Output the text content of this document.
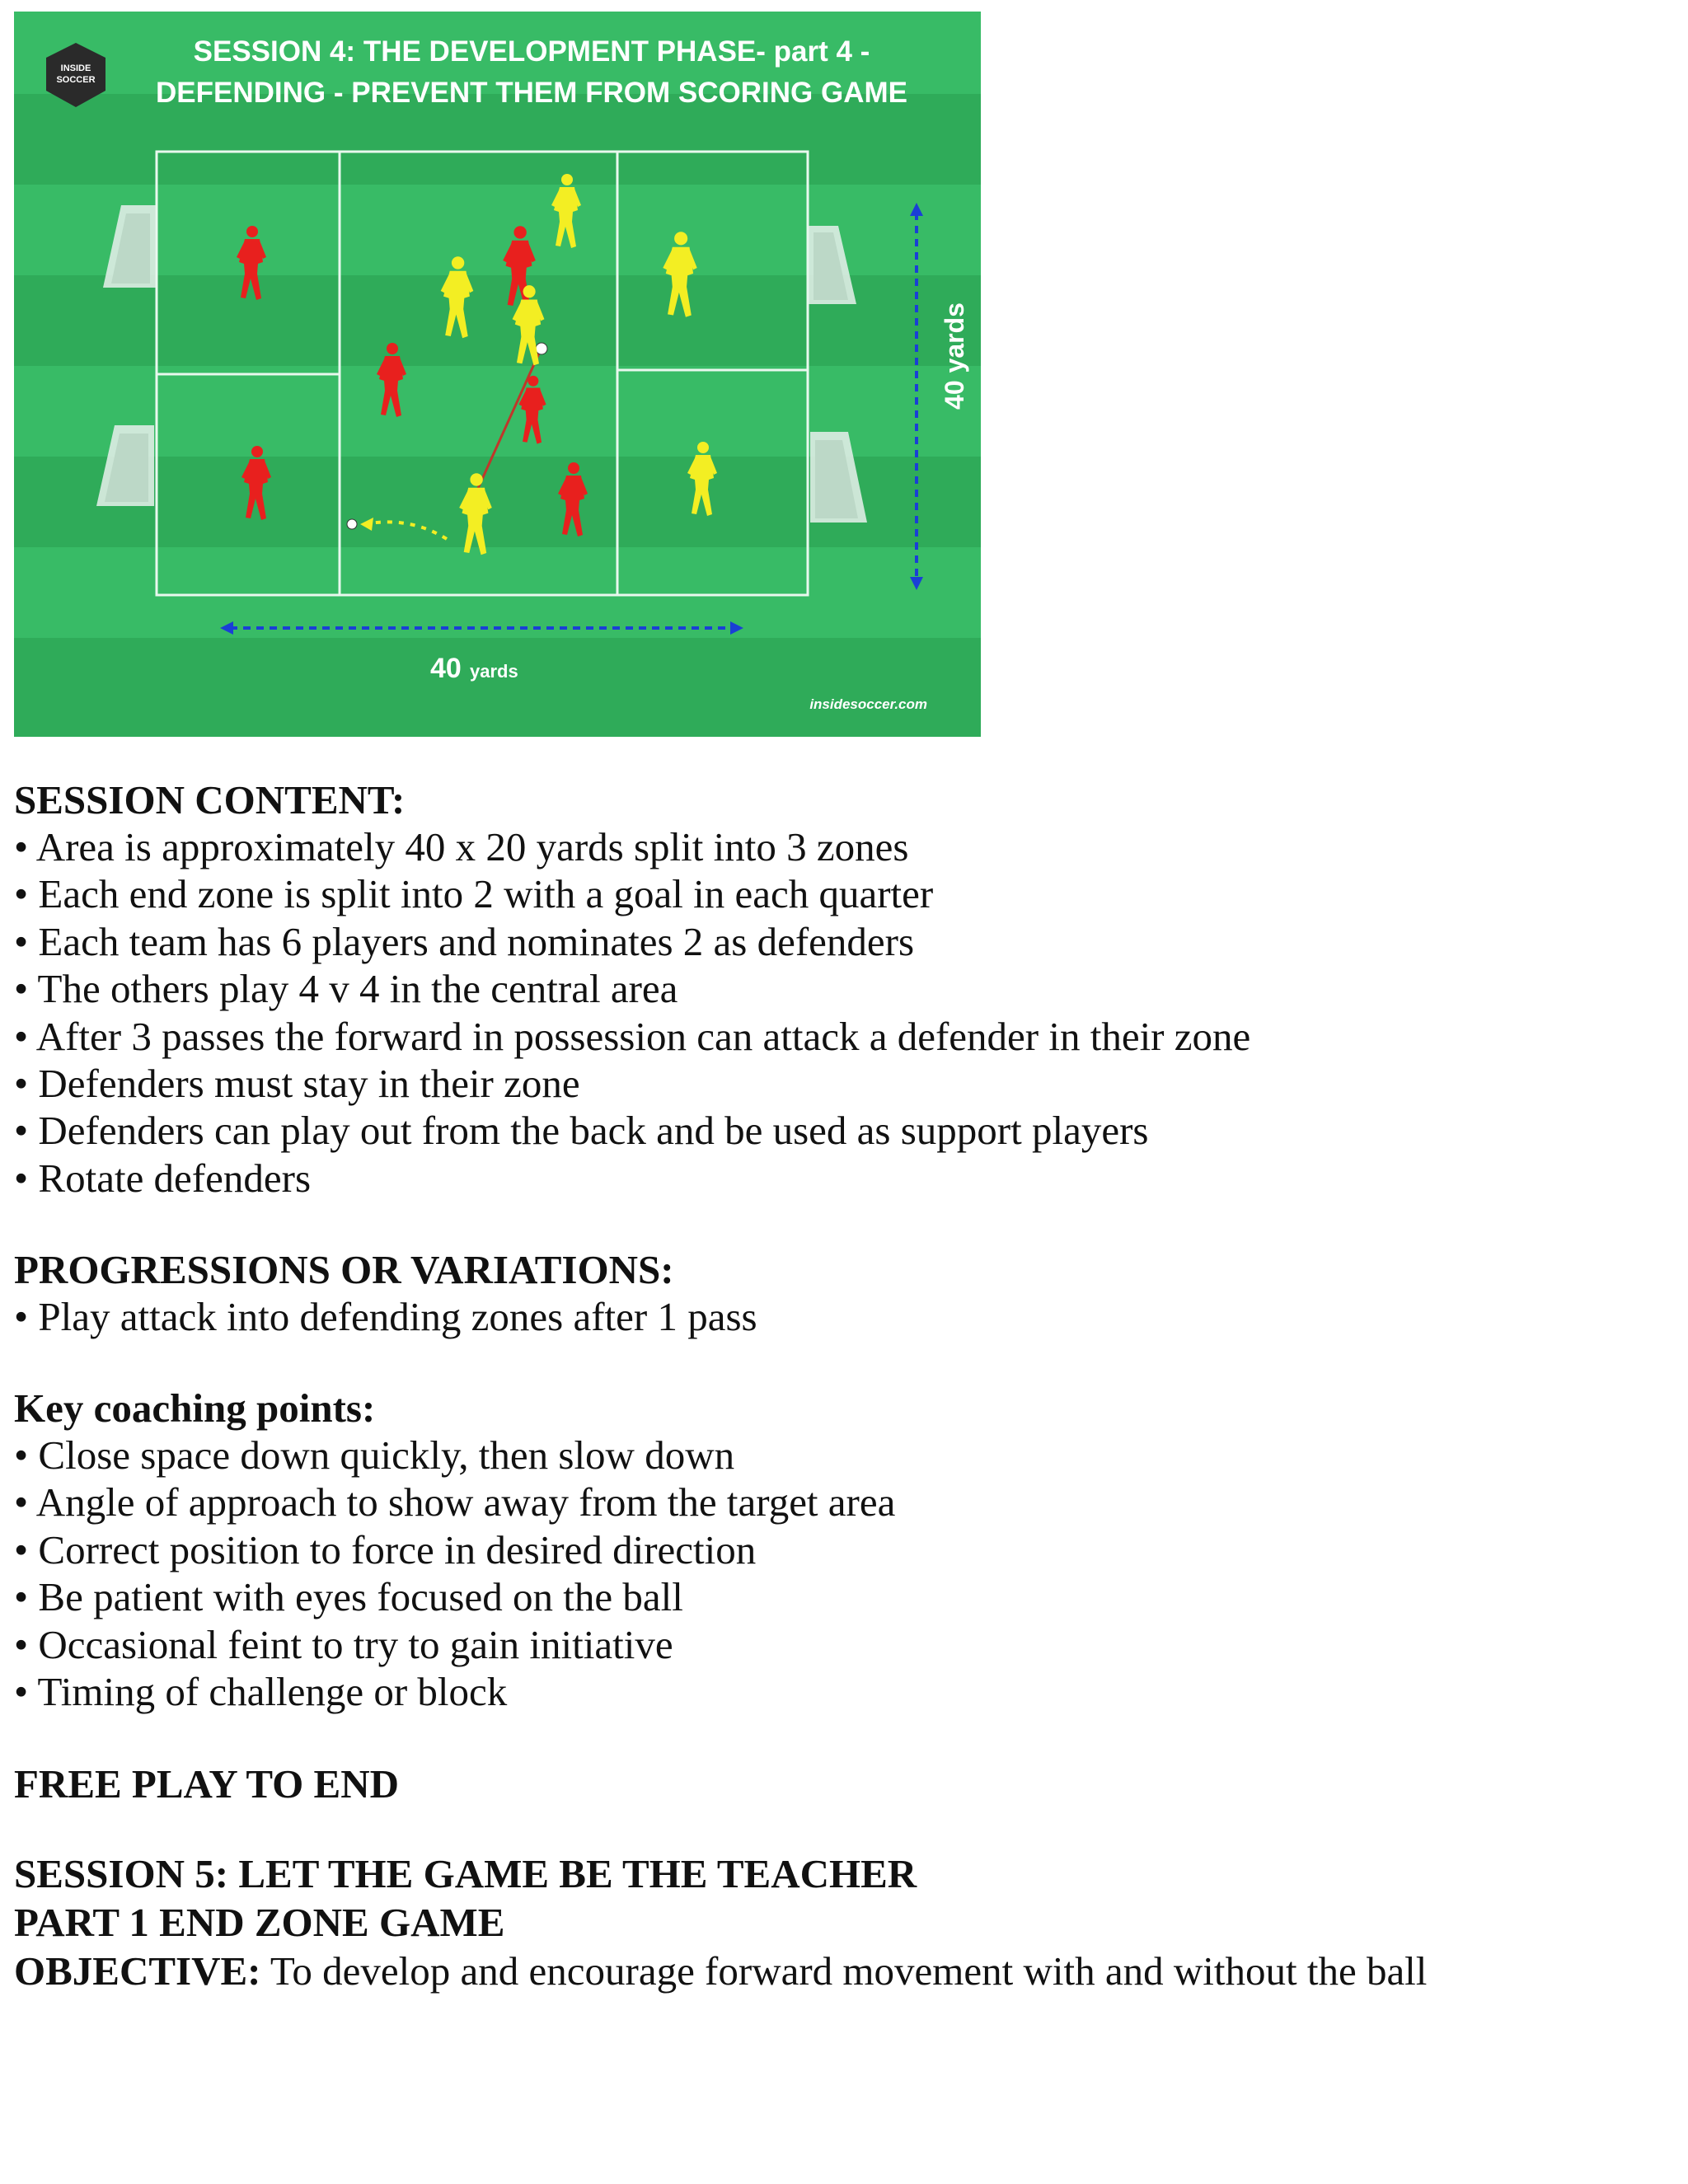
INSIDE
SOCCER
SESSION 4: THE DEVELOPMENT PHASE- part 4 -
DEFENDING - PREVENT THEM FROM SCORING GAME
40 yards
40 yards
insidesoccer.com
SESSION CONTENT:
• Area is approximately 40 x 20 yards split into 3 zones
• Each end zone is split into 2 with a goal in each quarter
• Each team has 6 players and nominates 2 as defenders
• The others play 4 v 4 in the central area
• After 3 passes the forward in possession can attack a defender in their zone
• Defenders must stay in their zone
• Defenders can play out from the back and be used as support players
• Rotate defenders
PROGRESSIONS OR VARIATIONS:
• Play attack into defending zones after 1 pass
Key coaching points:
• Close space down quickly, then slow down
• Angle of approach to show away from the target area
• Correct position to force in desired direction
• Be patient with eyes focused on the ball
• Occasional feint to try to gain initiative
• Timing of challenge or block
FREE PLAY TO END
SESSION 5: LET THE GAME BE THE TEACHER
PART 1 END ZONE GAME
OBJECTIVE: To develop and encourage forward movement with and without the ball
